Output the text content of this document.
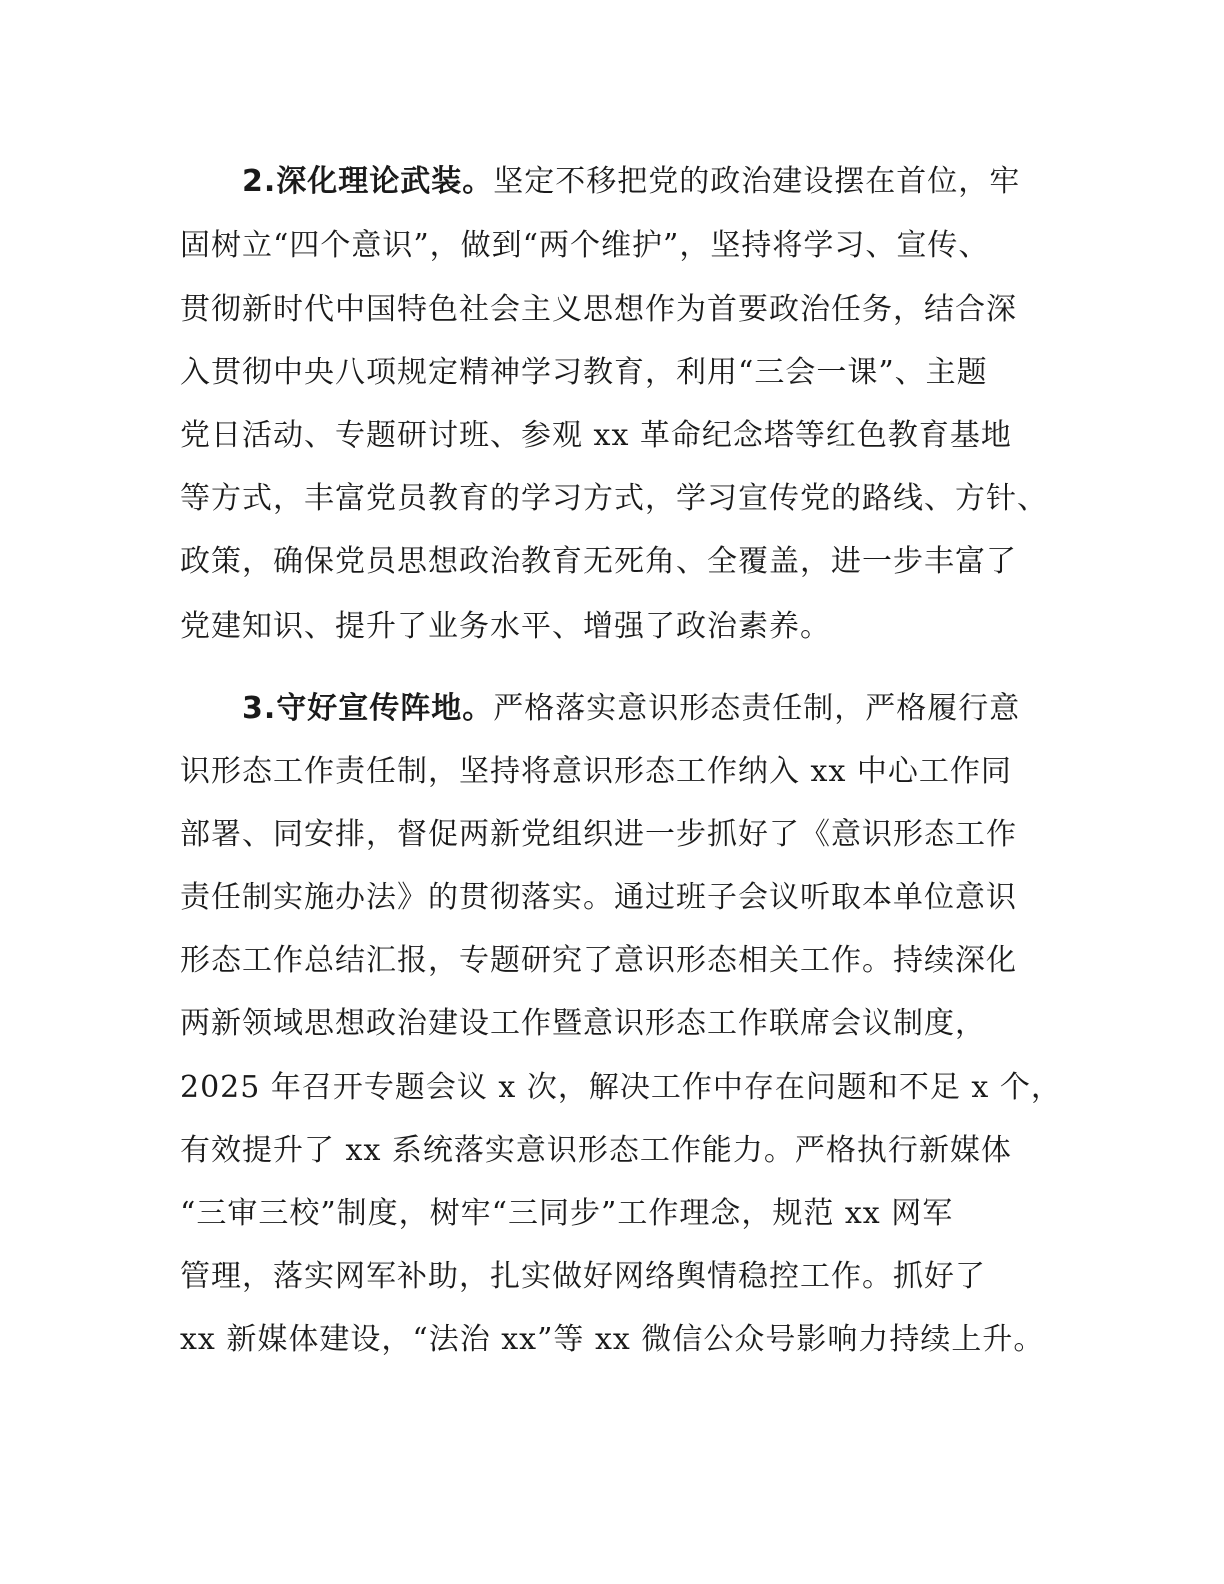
2.深化理论武装。坚定不移把党的政治建设摆在首位，牢
固树立“四个意识”，做到“两个维护”，坚持将学习、宣传、
贯彻新时代中国特色社会主义思想作为首要政治任务，结合深
入贯彻中央八项规定精神学习教育，利用“三会一课”、主题
党日活动、专题研讨班、参观 xx 革命纪念塔等红色教育基地
等方式，丰富党员教育的学习方式，学习宣传党的路线、方针、
政策，确保党员思想政治教育无死角、全覆盖，进一步丰富了
党建知识、提升了业务水平、增强了政治素养。
3.守好宣传阵地。严格落实意识形态责任制，严格履行意
识形态工作责任制，坚持将意识形态工作纳入 xx 中心工作同
部署、同安排，督促两新党组织进一步抓好了《意识形态工作
责任制实施办法》的贯彻落实。通过班子会议听取本单位意识
形态工作总结汇报，专题研究了意识形态相关工作。持续深化
两新领域思想政治建设工作暨意识形态工作联席会议制度，
2025 年召开专题会议 x 次，解决工作中存在问题和不足 x 个，
有效提升了 xx 系统落实意识形态工作能力。严格执行新媒体
“三审三校”制度，树牢“三同步”工作理念，规范 xx 网军
管理，落实网军补助，扎实做好网络舆情稳控工作。抓好了
xx 新媒体建设，“法治 xx”等 xx 微信公众号影响力持续上升。
